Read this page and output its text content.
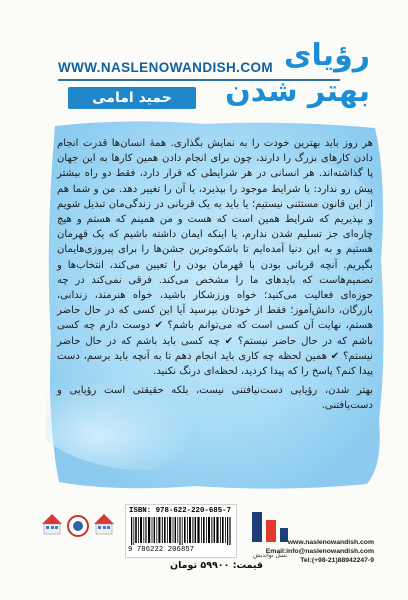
WWW.NASLENOWANDISH.COM رؤیای
بهتر شدن
حمید امامی

هر روز باید بهترین خودت را به نمایش بگذاری. همهٔ انسان‌ها قدرت انجام دادن کارهای بزرگ را دارند، چون برای انجام دادن همین کارها به این جهان پا گذاشته‌اند. هر انسانی در هر شرایطی که قرار دارد، فقط دو راه بیشتر پیش رو ندارد: یا شرایط موجود را بپذیرد، یا آن را تغییر دهد. من و شما هم از این قانون مستثنی نیستیم؛ یا باید به یک قربانی در زندگی‌مان تبدیل شویم و بپذیریم که شرایط همین است که هست و من همینم که هستم و هیچ چاره‌ای جز تسلیم شدن ندارم، یا اینکه ایمان داشته باشیم که یک قهرمان هستیم و به این دنیا آمده‌ایم تا باشکوه‌ترین جشن‌ها را برای پیروزی‌هایمان بگیریم. آنچه قربانی بودن یا قهرمان بودن را تعیین می‌کند، انتخاب‌ها و تصمیم‌هاست که بایدهای ما را مشخص می‌کند. فرقی نمی‌کند در چه حوزه‌ای فعالیت می‌کنید؛ خواه ورزشکار باشید، خواه هنرمند، زندانی، بازرگان، دانش‌آموز؛ فقط از خودتان بپرسید آیا این کسی که در حال حاضر هستم، نهایت آن کسی است که می‌توانم باشم؟ ✔ دوست دارم چه کسی باشم که در حال حاضر نیستم؟ ✔ چه کسی باید باشم که در حال حاضر نیستم؟ ✔ همین لحظه چه کاری باید انجام دهم تا به آنچه باید برسم، دست پیدا کنم؟ پاسخ را که پیدا کردید، لحظه‌ای درنگ نکنید.

بهتر شدن، رؤیایی دست‌نیافتنی نیست، بلکه حقیقتی است رؤیایی و دست‌یافتنی.

ISBN: 978-622-220-685-7
9 786222 206857
قیمت: ۵۹۹۰۰ تومان
نسل نواندیش
www.naslenowandish.com
Email:info@naslenowandish.com
Tel:(+98-21)88942247-9
